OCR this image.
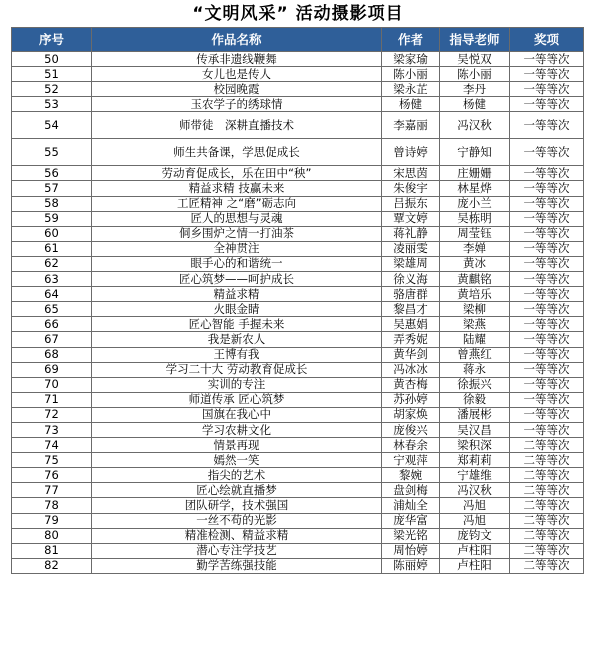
“文明风采” 活动摄影项目
序号	作品名称	作者	指导老师	奖项
50	传承非遗线鞭舞	梁家瑜	吴悦双	一等等次
51	女儿也是传人	陈小丽	陈小丽	一等等次
52	校园晚霞	梁永芷	李丹	一等等次
53	玉农学子的绣球情	杨健	杨健	一等等次
54	师带徒　深耕直播技术	李嘉丽	冯汉秋	一等等次
55	师生共备课，学思促成长	曾诗婷	宁静知	一等等次
56	劳动育促成长，乐在田中“秧”	宋思茵	庄姗姗	一等等次
57	精益求精 技赢未来	朱俊宇	林星烨	一等等次
58	工匠精神 之“磨”砺志向	吕振东	庞小兰	一等等次
59	匠人的思想与灵魂	覃文婷	吴栋明	一等等次
60	侗乡围炉之情一打油茶	蒋礼静	周莹钰	一等等次
61	全神贯注	凌丽雯	李婵	一等等次
62	眼手心的和谐统一	梁雄周	黄冰	一等等次
63	匠心筑梦——呵护成长	徐义海	黄麒铭	一等等次
64	精益求精	骆唐群	黄培乐	一等等次
65	火眼金睛	黎昌才	梁柳	一等等次
66	匠心智能 手握未来	吴惠娟	梁燕	一等等次
67	我是新农人	弄秀妮	陆耀	一等等次
68	王博有我	黄华剑	曾燕红	一等等次
69	学习二十大 劳动教育促成长	冯冰冰	蒋永	一等等次
70	实训的专注	黄杏梅	徐振兴	一等等次
71	师道传承 匠心筑梦	苏孙婷	徐毅	一等等次
72	国旗在我心中	胡家焕	潘展彬	一等等次
73	学习农耕文化	庞俊兴	吴汉昌	一等等次
74	情景再现	林春余	梁积深	二等等次
75	嫣然一笑	宁观萍	郑莉莉	二等等次
76	指尖的艺术	黎婉	宁雄维	二等等次
77	匠心绘就直播梦	盘剑梅	冯汉秋	二等等次
78	团队研学，技术强国	浦灿全	冯旭	二等等次
79	一丝不苟的光影	庞华富	冯旭	二等等次
80	精准检测、精益求精	梁光铭	庞钧文	二等等次
81	潜心专注学技艺	周怡婷	卢柱阳	二等等次
82	勤学苦练强技能	陈丽婷	卢柱阳	二等等次
